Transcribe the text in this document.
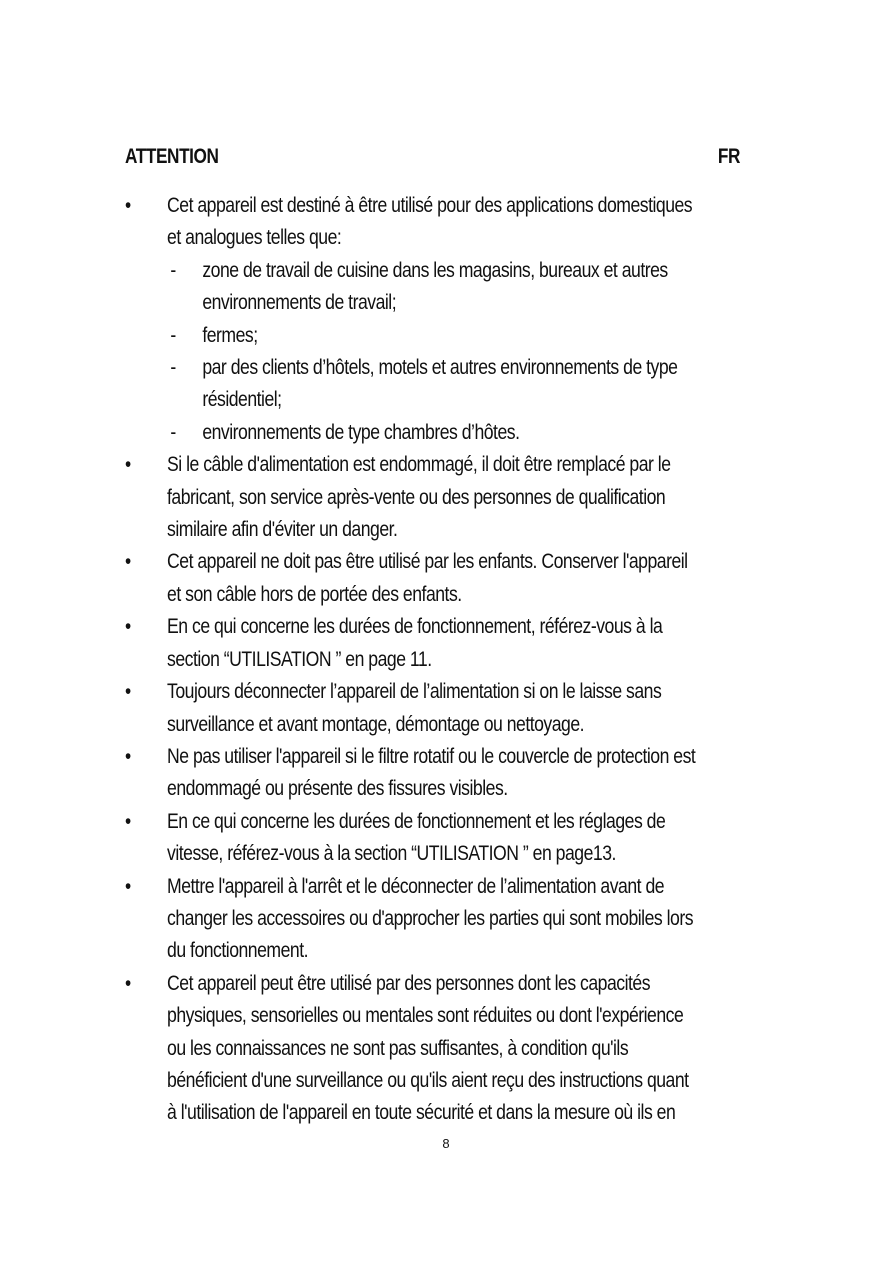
ATTENTION	FR
• Cet appareil est destiné à être utilisé pour des applications domestiques et analogues telles que:
- zone de travail de cuisine dans les magasins, bureaux et autres environnements de travail;
- fermes;
- par des clients d’hôtels, motels et autres environnements de type résidentiel;
- environnements de type chambres d’hôtes.
• Si le câble d'alimentation est endommagé, il doit être remplacé par le fabricant, son service après-vente ou des personnes de qualification similaire afin d'éviter un danger.
• Cet appareil ne doit pas être utilisé par les enfants. Conserver l'appareil et son câble hors de portée des enfants.
• En ce qui concerne les durées de fonctionnement, référez-vous à la section “UTILISATION ” en page 11.
• Toujours déconnecter l’appareil de l’alimentation si on le laisse sans surveillance et avant montage, démontage ou nettoyage.
• Ne pas utiliser l'appareil si le filtre rotatif ou le couvercle de protection est endommagé ou présente des fissures visibles.
• En ce qui concerne les durées de fonctionnement et les réglages de vitesse, référez-vous à la section “UTILISATION ” en page13.
• Mettre l'appareil à l'arrêt et le déconnecter de l’alimentation avant de changer les accessoires ou d'approcher les parties qui sont mobiles lors du fonctionnement.
• Cet appareil peut être utilisé par des personnes dont les capacités physiques, sensorielles ou mentales sont réduites ou dont l'expérience ou les connaissances ne sont pas suffisantes, à condition qu'ils bénéficient d'une surveillance ou qu'ils aient reçu des instructions quant à l'utilisation de l'appareil en toute sécurité et dans la mesure où ils en
8
